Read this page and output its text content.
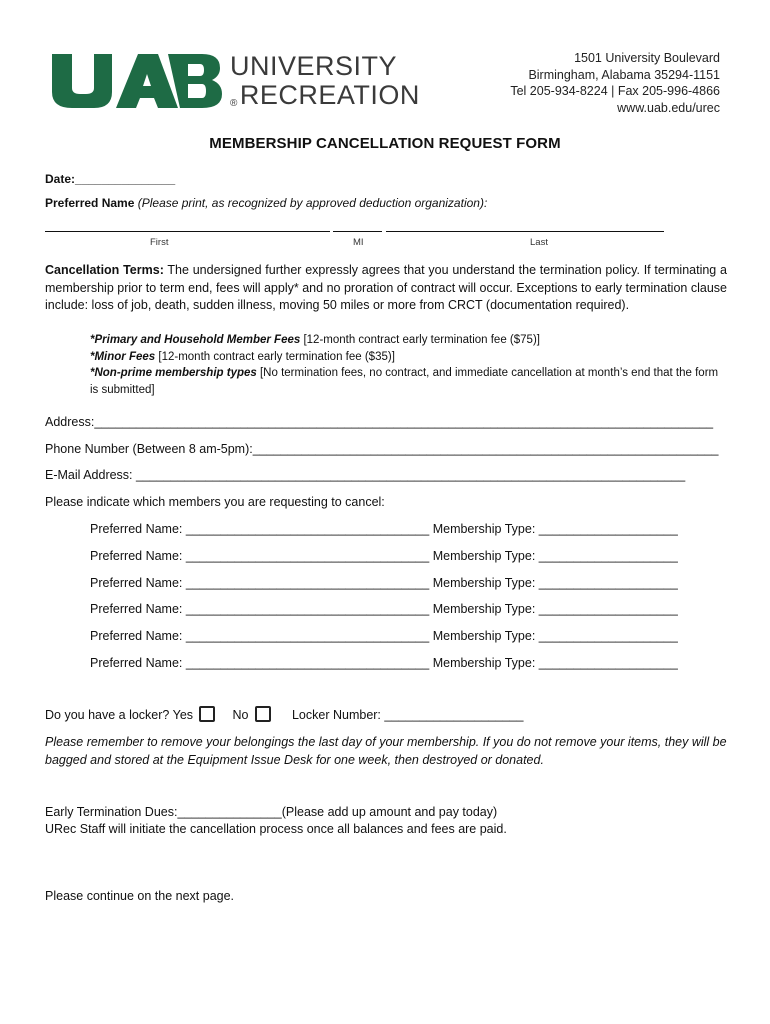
UNIVERSITY
®RECREATION
1501 University Boulevard
Birmingham, Alabama 35294-1151
Tel 205-934-8224 | Fax 205-996-4866
www.uab.edu/urec
MEMBERSHIP CANCELLATION REQUEST FORM
Date:_______________
Preferred Name (Please print, as recognized by approved deduction organization):
First	MI	Last
Cancellation Terms: The undersigned further expressly agrees that you understand the termination policy. If terminating a membership prior to term end, fees will apply* and no proration of contract will occur. Exceptions to early termination clause include: loss of job, death, sudden illness, moving 50 miles or more from CRCT (documentation required).
*Primary and Household Member Fees [12-month contract early termination fee ($75)]
*Minor Fees [12-month contract early termination fee ($35)]
*Non-prime membership types [No termination fees, no contract, and immediate cancellation at month’s end that the form is submitted]
Address:_________________________________________________________________________________________
Phone Number (Between 8 am-5pm):___________________________________________________________________
E-Mail Address: _______________________________________________________________________________
Please indicate which members you are requesting to cancel:
Preferred Name: ___________________________________ Membership Type: ____________________
Preferred Name: ___________________________________ Membership Type: ____________________
Preferred Name: ___________________________________ Membership Type: ____________________
Preferred Name: ___________________________________ Membership Type: ____________________
Preferred Name: ___________________________________ Membership Type: ____________________
Preferred Name: ___________________________________ Membership Type: ____________________
Do you have a locker? Yes	No	Locker Number: ____________________
Please remember to remove your belongings the last day of your membership. If you do not remove your items, they will be bagged and stored at the Equipment Issue Desk for one week, then destroyed or donated.
Early Termination Dues:_______________(Please add up amount and pay today)
URec Staff will initiate the cancellation process once all balances and fees are paid.
Please continue on the next page.
